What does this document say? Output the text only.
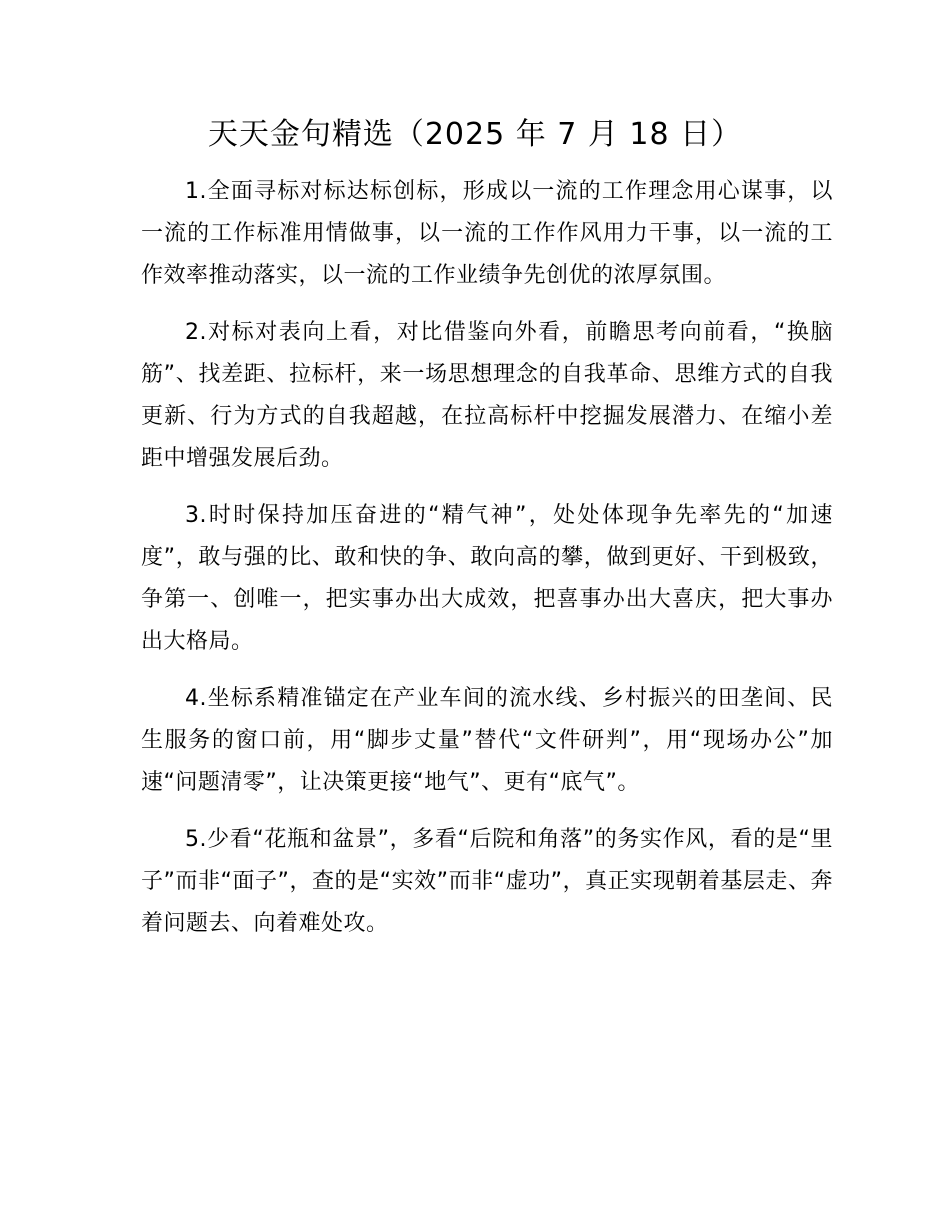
天天金句精选（2025 年 7 月 18 日）

1.全面寻标对标达标创标，形成以一流的工作理念用心谋事，以一流的工作标准用情做事，以一流的工作作风用力干事，以一流的工作效率推动落实，以一流的工作业绩争先创优的浓厚氛围。

2.对标对表向上看，对比借鉴向外看，前瞻思考向前看，“换脑筋”、找差距、拉标杆，来一场思想理念的自我革命、思维方式的自我更新、行为方式的自我超越，在拉高标杆中挖掘发展潜力、在缩小差距中增强发展后劲。

3.时时保持加压奋进的“精气神”，处处体现争先率先的“加速度”，敢与强的比、敢和快的争、敢向高的攀，做到更好、干到极致，争第一、创唯一，把实事办出大成效，把喜事办出大喜庆，把大事办出大格局。

4.坐标系精准锚定在产业车间的流水线、乡村振兴的田垄间、民生服务的窗口前，用“脚步丈量”替代“文件研判”，用“现场办公”加速“问题清零”，让决策更接“地气”、更有“底气”。

5.少看“花瓶和盆景”，多看“后院和角落”的务实作风，看的是“里子”而非“面子”，查的是“实效”而非“虚功”，真正实现朝着基层走、奔着问题去、向着难处攻。
